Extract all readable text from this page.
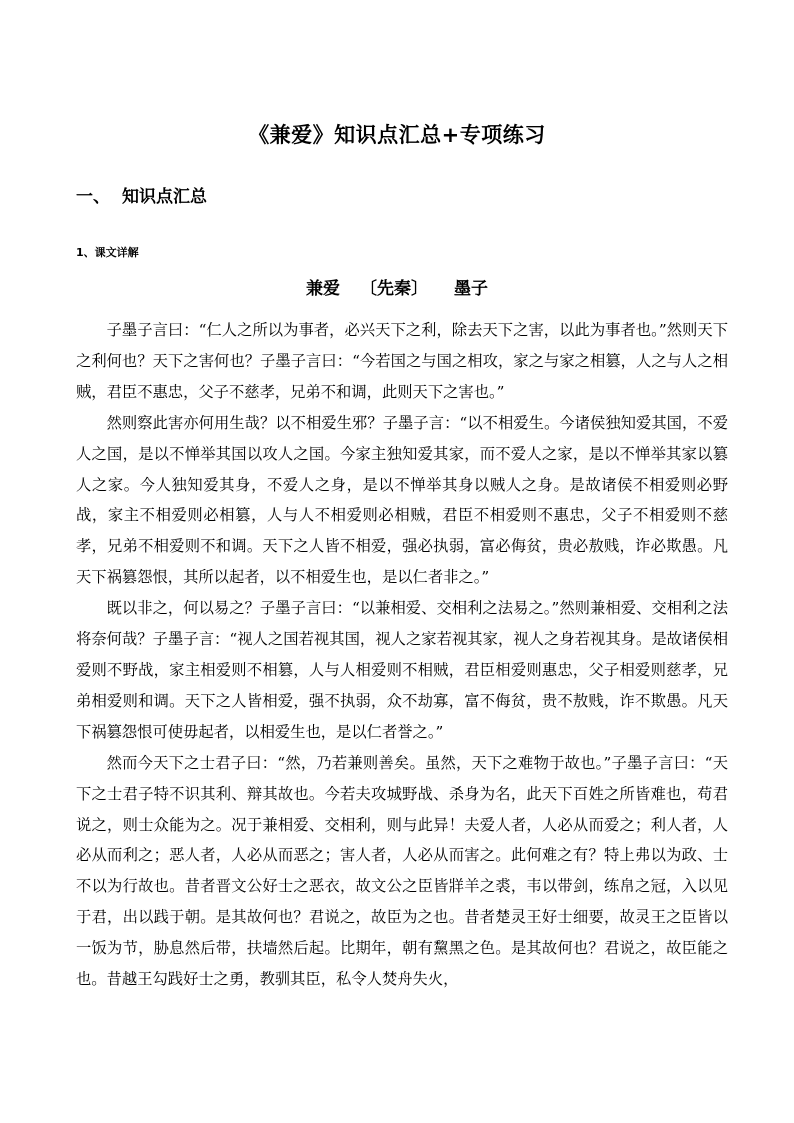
《兼爱》知识点汇总+专项练习
一、 知识点汇总
1、课文详解
兼爱 〔先秦〕 墨子

子墨子言曰：“仁人之所以为事者，必兴天下之利，除去天下之害，以此为事者也。”然则天下之利何也？天下之害何也？子墨子言曰：“今若国之与国之相攻，家之与家之相篡，人之与人之相贼，君臣不惠忠，父子不慈孝，兄弟不和调，此则天下之害也。”

然则察此害亦何用生哉？以不相爱生邪？子墨子言：“以不相爱生。今诸侯独知爱其国，不爱人之国，是以不惮举其国以攻人之国。今家主独知爱其家，而不爱人之家，是以不惮举其家以篡人之家。今人独知爱其身，不爱人之身，是以不惮举其身以贼人之身。是故诸侯不相爱则必野战，家主不相爱则必相篡，人与人不相爱则必相贼，君臣不相爱则不惠忠，父子不相爱则不慈孝，兄弟不相爱则不和调。天下之人皆不相爱，强必执弱，富必侮贫，贵必敖贱，诈必欺愚。凡天下祸篡怨恨，其所以起者，以不相爱生也，是以仁者非之。”

既以非之，何以易之？子墨子言曰：“以兼相爱、交相利之法易之。”然则兼相爱、交相利之法将奈何哉？子墨子言：“视人之国若视其国，视人之家若视其家，视人之身若视其身。是故诸侯相爱则不野战，家主相爱则不相篡，人与人相爱则不相贼，君臣相爱则惠忠，父子相爱则慈孝，兄弟相爱则和调。天下之人皆相爱，强不执弱，众不劫寡，富不侮贫，贵不敖贱，诈不欺愚。凡天下祸篡怨恨可使毋起者，以相爱生也，是以仁者誉之。”

然而今天下之士君子曰：“然，乃若兼则善矣。虽然，天下之难物于故也。”子墨子言曰：“天下之士君子特不识其利、辩其故也。今若夫攻城野战、杀身为名，此天下百姓之所皆难也，苟君说之，则士众能为之。况于兼相爱、交相利，则与此异！夫爱人者，人必从而爱之；利人者，人必从而利之；恶人者，人必从而恶之；害人者，人必从而害之。此何难之有？特上弗以为政、士不以为行故也。昔者晋文公好士之恶衣，故文公之臣皆牂羊之裘，韦以带剑，练帛之冠，入以见于君，出以践于朝。是其故何也？君说之，故臣为之也。昔者楚灵王好士细要，故灵王之臣皆以一饭为节，胁息然后带，扶墙然后起。比期年，朝有黧黑之色。是其故何也？君说之，故臣能之也。昔越王勾践好士之勇，教驯其臣，私令人焚舟失火，
